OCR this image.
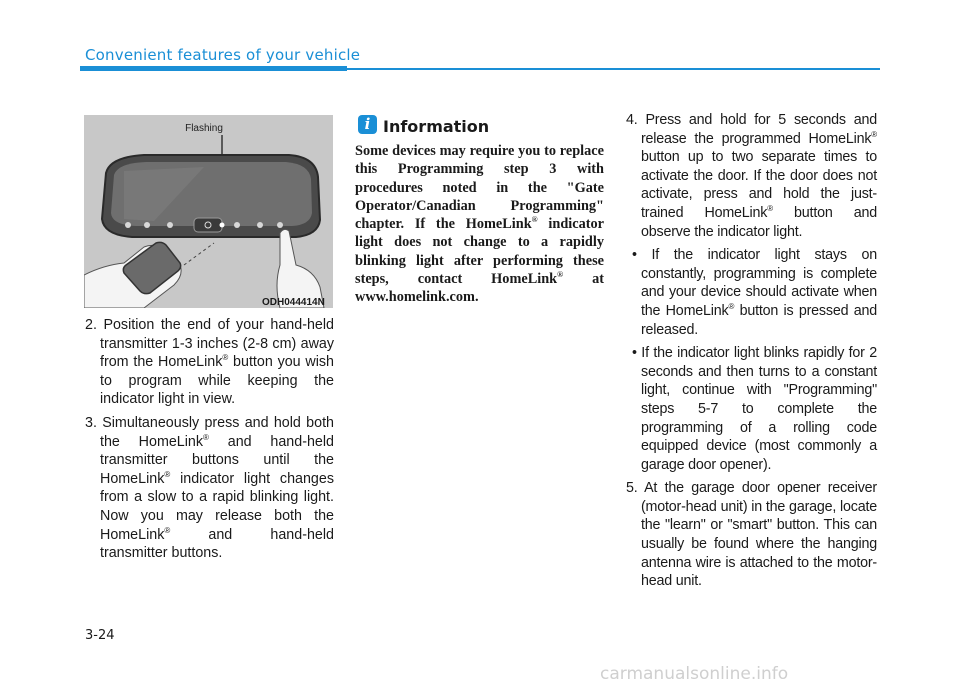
Convenient features of your vehicle
Flashing
ODH044414N

2. Position the end of your hand-held transmitter 1-3 inches (2-8 cm) away from the HomeLink® button you wish to program while keeping the indicator light in view.

3. Simultaneously press and hold both the HomeLink® and hand-held transmitter buttons until the HomeLink® indicator light changes from a slow to a rapid blinking light. Now you may release both the HomeLink® and hand-held transmitter buttons.

i Information
Some devices may require you to replace this Programming step 3 with procedures noted in the "Gate Operator/Canadian Programming" chapter. If the HomeLink® indicator light does not change to a rapidly blinking light after performing these steps, contact HomeLink® at www.homelink.com.

4. Press and hold for 5 seconds and release the programmed HomeLink® button up to two separate times to activate the door. If the door does not activate, press and hold the just-trained HomeLink® button and observe the indicator light.

• If the indicator light stays on constantly, programming is complete and your device should activate when the HomeLink® button is pressed and released.

• If the indicator light blinks rapidly for 2 seconds and then turns to a constant light, continue with "Programming" steps 5-7 to complete the programming of a rolling code equipped device (most commonly a garage door opener).

5. At the garage door opener receiver (motor-head unit) in the garage, locate the "learn" or "smart" button. This can usually be found where the hanging antenna wire is attached to the motor-head unit.

3-24
carmanualsonline.info
